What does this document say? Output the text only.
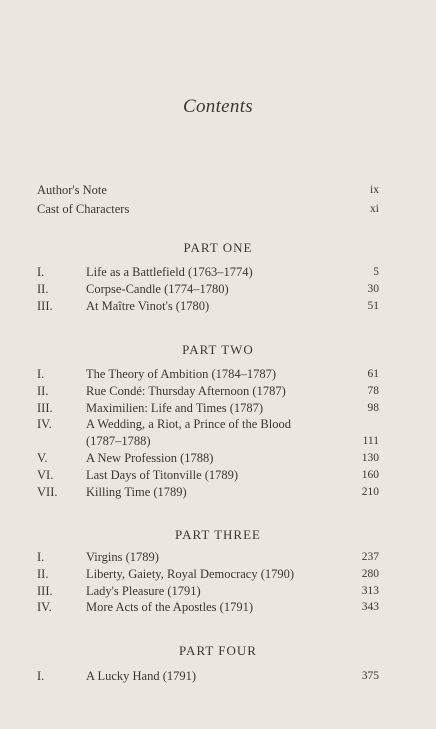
Contents
Author's Note	ix
Cast of Characters	xi
PART ONE
I.	Life as a Battlefield (1763–1774)	5
II.	Corpse-Candle (1774–1780)	30
III.	At Maître Vinot's (1780)	51
PART TWO
I.	The Theory of Ambition (1784–1787)	61
II.	Rue Condé: Thursday Afternoon (1787)	78
III.	Maximilien: Life and Times (1787)	98
IV.	A Wedding, a Riot, a Prince of the Blood
(1787–1788)	111
V.	A New Profession (1788)	130
VI.	Last Days of Titonville (1789)	160
VII.	Killing Time (1789)	210
PART THREE
I.	Virgins (1789)	237
II.	Liberty, Gaiety, Royal Democracy (1790)	280
III.	Lady's Pleasure (1791)	313
IV.	More Acts of the Apostles (1791)	343
PART FOUR
I.	A Lucky Hand (1791)	375
